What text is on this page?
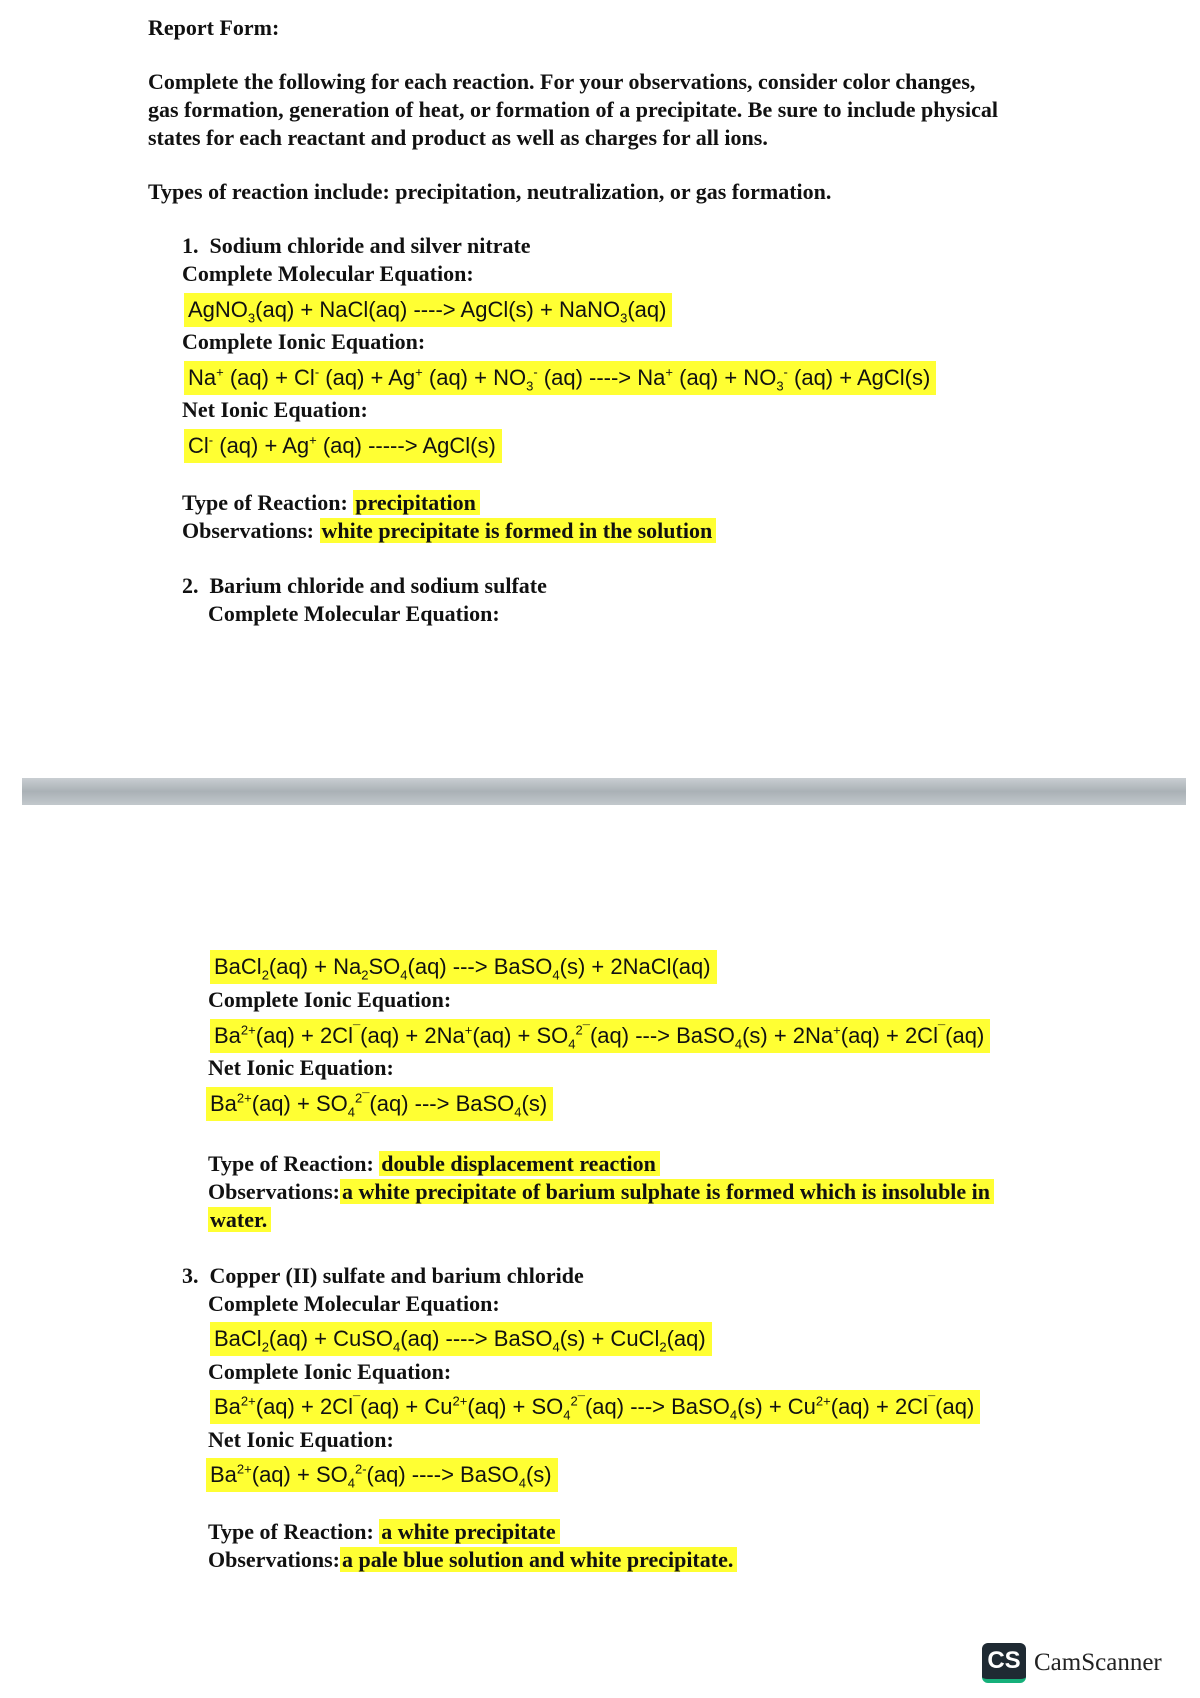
Report Form:
Complete the following for each reaction. For your observations, consider color changes,
gas formation, generation of heat, or formation of a precipitate. Be sure to include physical
states for each reactant and product as well as charges for all ions.
Types of reaction include: precipitation, neutralization, or gas formation.
1. Sodium chloride and silver nitrate
Complete Molecular Equation:
AgNO$_3$(aq) + NaCl(aq) ----> AgCl(s) + NaNO$_3$(aq)
Complete Ionic Equation:
Na+ (aq) + Cl- (aq) + Ag+ $(aq) + NO_3^-$ (aq) ----> Na+ $(aq) + NO_3^-$ (aq) + AgCl(s)
Net Ionic Equation:
Cl- (aq) + Ag+ (aq) -----> AgCl(s)
Type of Reaction: precipitation
Observations: white precipitate is formed in the solution
2. Barium chloride and sodium sulfate
Complete Molecular Equation:
BaCl$_2$(aq) + $Na_2SO_4(aq)$ ---> BaSO$_4$(s) + 2NaCl(aq)
Complete Ionic Equation:
$Ba^{2+}(aq) + 2Cl^¯(aq) + 2Na^+(aq) + SO_4^{2¯}(aq)$ ---> BaSO$_4$(s) + 2Na+(aq) + 2Cl¯(aq)
Net Ionic Equation:
$Ba^{2+}(aq) + SO_4^{2¯}(aq)$ ---> BaSO$_4$(s)
Type of Reaction: double displacement reaction
Observations:a white precipitate of barium sulphate is formed which is insoluble in
water.
3. Copper (II) sulfate and barium chloride
Complete Molecular Equation:
BaCl$_2$(aq) + CuSO$_4$(aq) ----> BaSO$_4$(s) + CuCl$_2$(aq)
Complete Ionic Equation:
$Ba^{2+}(aq) + 2Cl^¯(aq) + Cu^{2+}(aq) + SO_4^{2¯}(aq)$ ---> BaSO$_4$(s) + $Cu^{2+}(aq) + 2Cl^¯(aq)$
Net Ionic Equation:
$Ba^{2+}(aq) + SO_4^{2-}(aq)$ ----> BaSO$_4$(s)
Type of Reaction: a white precipitate
Observations:a pale blue solution and white precipitate.
CS CamScanner
